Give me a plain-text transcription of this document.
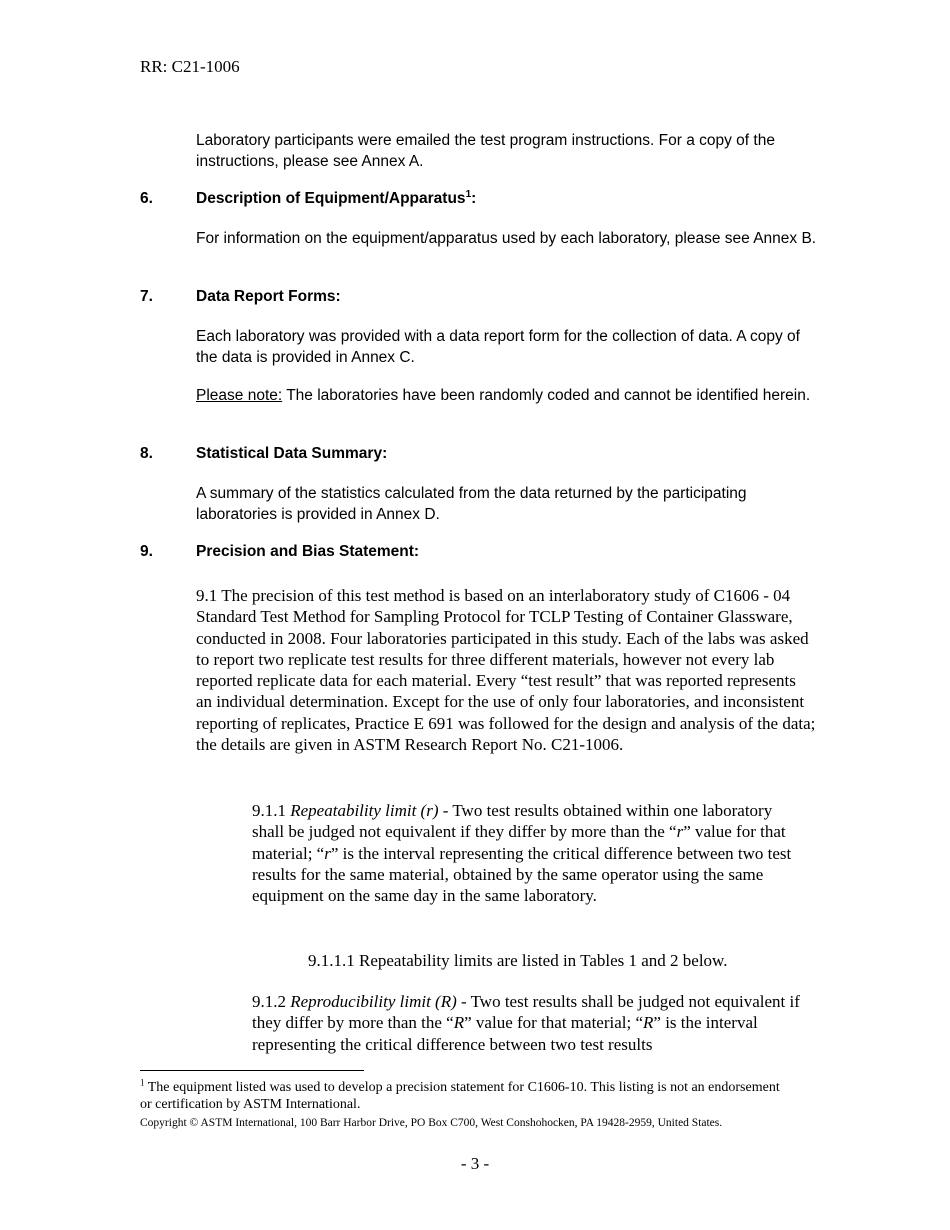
RR: C21-1006
Laboratory participants were emailed the test program instructions. For a copy of the instructions, please see Annex A.
6.	Description of Equipment/Apparatus$^1$:
For information on the equipment/apparatus used by each laboratory, please see Annex B.
7.	Data Report Forms:
Each laboratory was provided with a data report form for the collection of data. A copy of the data is provided in Annex C.
Please note: The laboratories have been randomly coded and cannot be identified herein.
8.	Statistical Data Summary:
A summary of the statistics calculated from the data returned by the participating laboratories is provided in Annex D.
9.	Precision and Bias Statement:
9.1 The precision of this test method is based on an interlaboratory study of C1606 - 04 Standard Test Method for Sampling Protocol for TCLP Testing of Container Glassware, conducted in 2008. Four laboratories participated in this study. Each of the labs was asked to report two replicate test results for three different materials, however not every lab reported replicate data for each material. Every “test result” that was reported represents an individual determination. Except for the use of only four laboratories, and inconsistent reporting of replicates, Practice E 691 was followed for the design and analysis of the data; the details are given in ASTM Research Report No. C21-1006.
9.1.1 Repeatability limit (r) - Two test results obtained within one laboratory shall be judged not equivalent if they differ by more than the “r” value for that material; “r” is the interval representing the critical difference between two test results for the same material, obtained by the same operator using the same equipment on the same day in the same laboratory.
9.1.1.1 Repeatability limits are listed in Tables 1 and 2 below.
9.1.2 Reproducibility limit (R) - Two test results shall be judged not equivalent if they differ by more than the “R” value for that material; “R” is the interval representing the critical difference between two test results
$^1$ The equipment listed was used to develop a precision statement for C1606-10. This listing is not an endorsement or certification by ASTM International.
Copyright © ASTM International, 100 Barr Harbor Drive, PO Box C700, West Conshohocken, PA 19428-2959, United States.
- 3 -
